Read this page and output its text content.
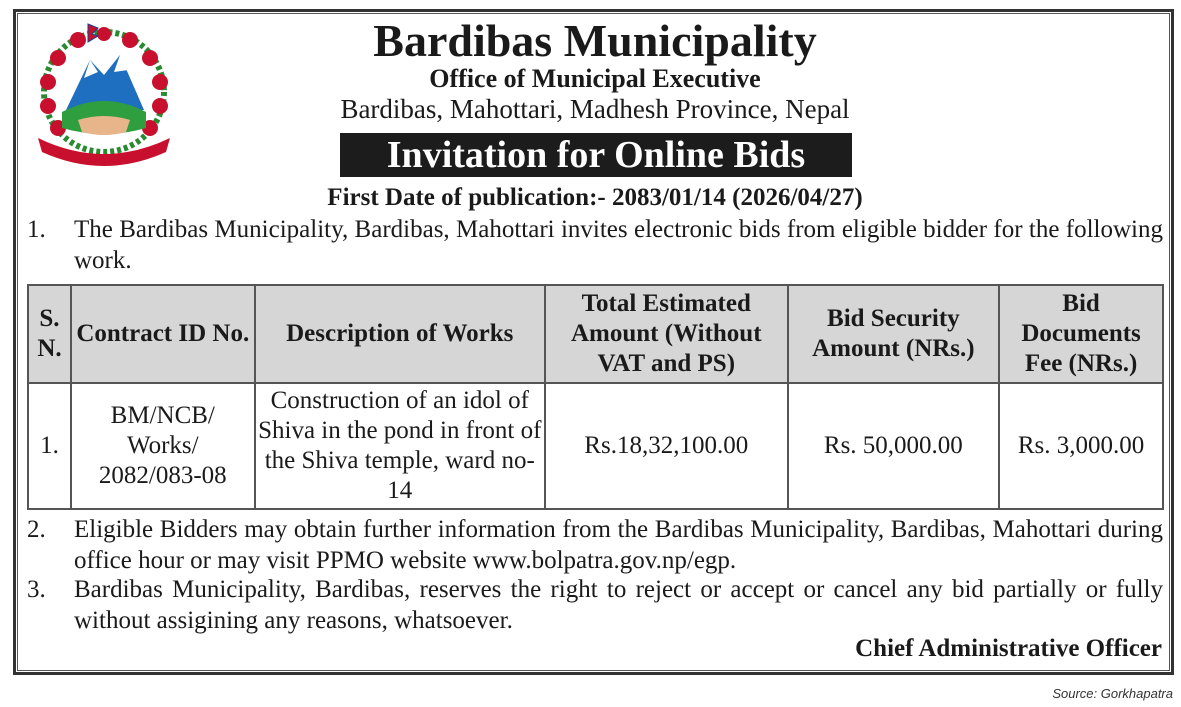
Bardibas Municipality
Office of Municipal Executive
Bardibas, Mahottari, Madhesh Province, Nepal
Invitation for Online Bids
First Date of publication:- 2083/01/14 (2026/04/27)
1. The Bardibas Municipality, Bardibas, Mahottari invites electronic bids from eligible bidder for the following work.
S. N.	Contract ID No.	Description of Works	Total Estimated Amount (Without VAT and PS)	Bid Security Amount (NRs.)	Bid Documents Fee (NRs.)
1.	BM/NCB/ Works/ 2082/083-08	Construction of an idol of Shiva in the pond in front of the Shiva temple, ward no-14	Rs.18,32,100.00	Rs. 50,000.00	Rs. 3,000.00
2. Eligible Bidders may obtain further information from the Bardibas Municipality, Bardibas, Mahottari during office hour or may visit PPMO website www.bolpatra.gov.np/egp.
3. Bardibas Municipality, Bardibas, reserves the right to reject or accept or cancel any bid partially or fully without assigining any reasons, whatsoever.
Chief Administrative Officer
Source: Gorkhapatra
